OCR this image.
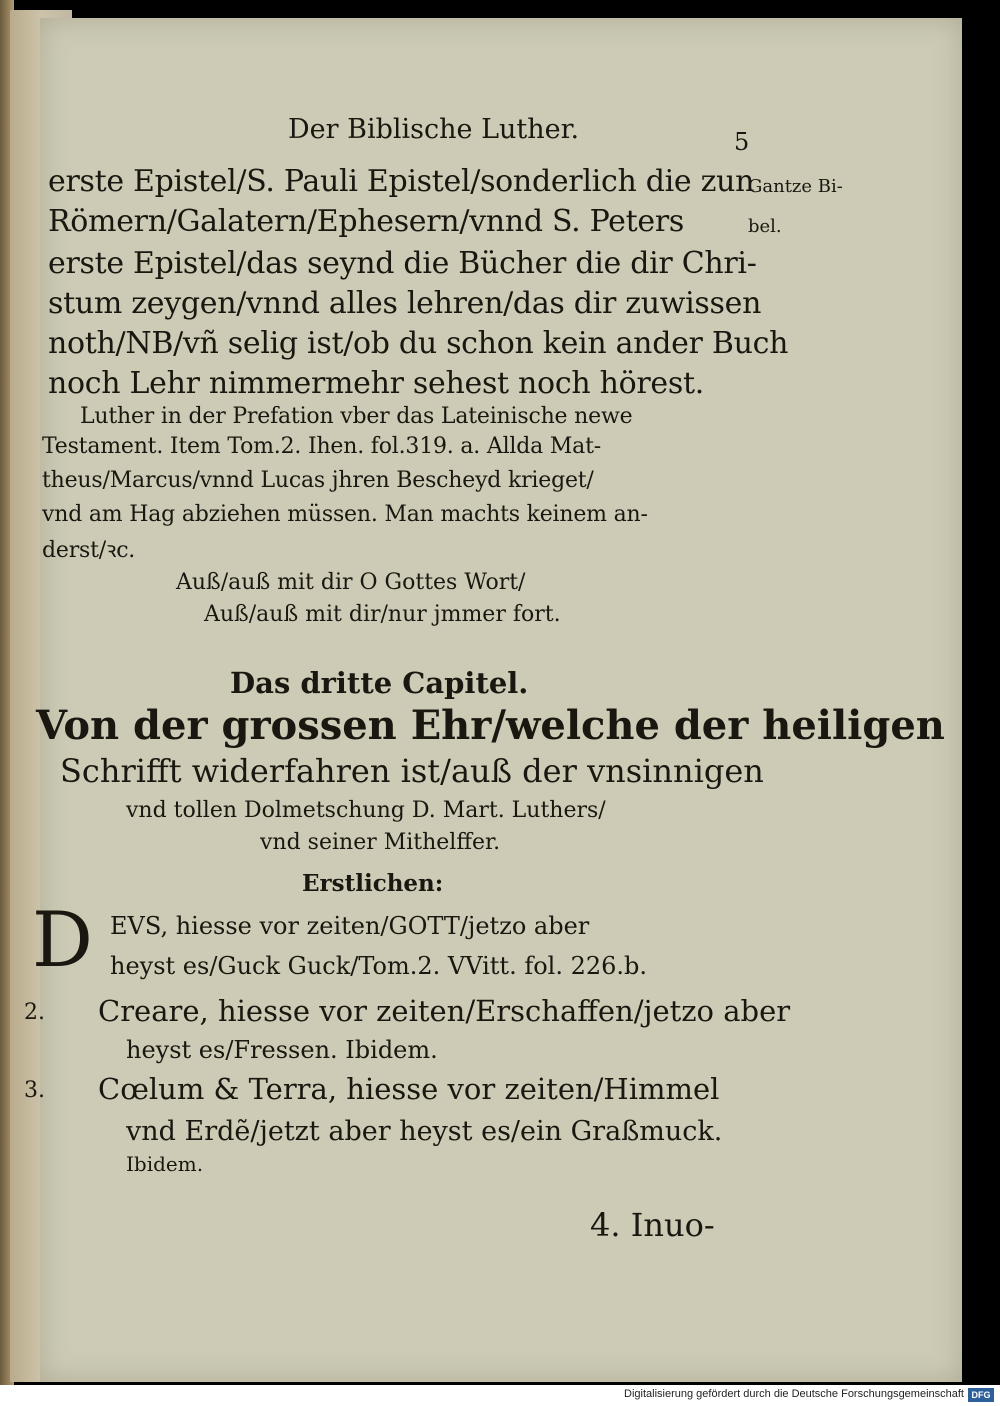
Der Biblische Luther.	5
Gantze Bi-
bel.
erste Epistel/S. Pauli Epistel/sonderlich die zun
Römern/Galatern/Ephesern/vnnd S. Peters
erste Epistel/das seynd die Bücher die dir Chri-
stum zeygen/vnnd alles lehren/das dir zuwissen
noth/NB/vñ selig ist/ob du schon kein ander Buch
noch Lehr nimmermehr sehest noch hörest.
Luther in der Prefation vber das Lateinische newe
Testament. Item Tom.2. Ihen. fol.319. a. Allda Mat-
theus/Marcus/vnnd Lucas jhren Bescheyd krieget/
vnd am Hag abziehen müssen. Man machts keinem an-
derst/ꝛc.
Auß/auß mit dir O Gottes Wort/
Auß/auß mit dir/nur jmmer fort.
Das dritte Capitel.
Von der grossen Ehr/welche der heiligen
Schrifft widerfahren ist/auß der vnsinnigen
vnd tollen Dolmetschung D. Mart. Luthers/
vnd seiner Mithelffer.
Erstlichen:
D EVS, hiesse vor zeiten/GOTT/jetzo aber
heyst es/Guck Guck/Tom.2. VVitt. fol. 226.b.
2. Creare, hiesse vor zeiten/Erschaffen/jetzo aber
heyst es/Fressen. Ibidem.
3. Cœlum & Terra, hiesse vor zeiten/Himmel
vnd Erdẽ/jetzt aber heyst es/ein Graßmuck.
Ibidem.
4. Inuo-
Digitalisierung gefördert durch die Deutsche Forschungsgemeinschaft DFG
